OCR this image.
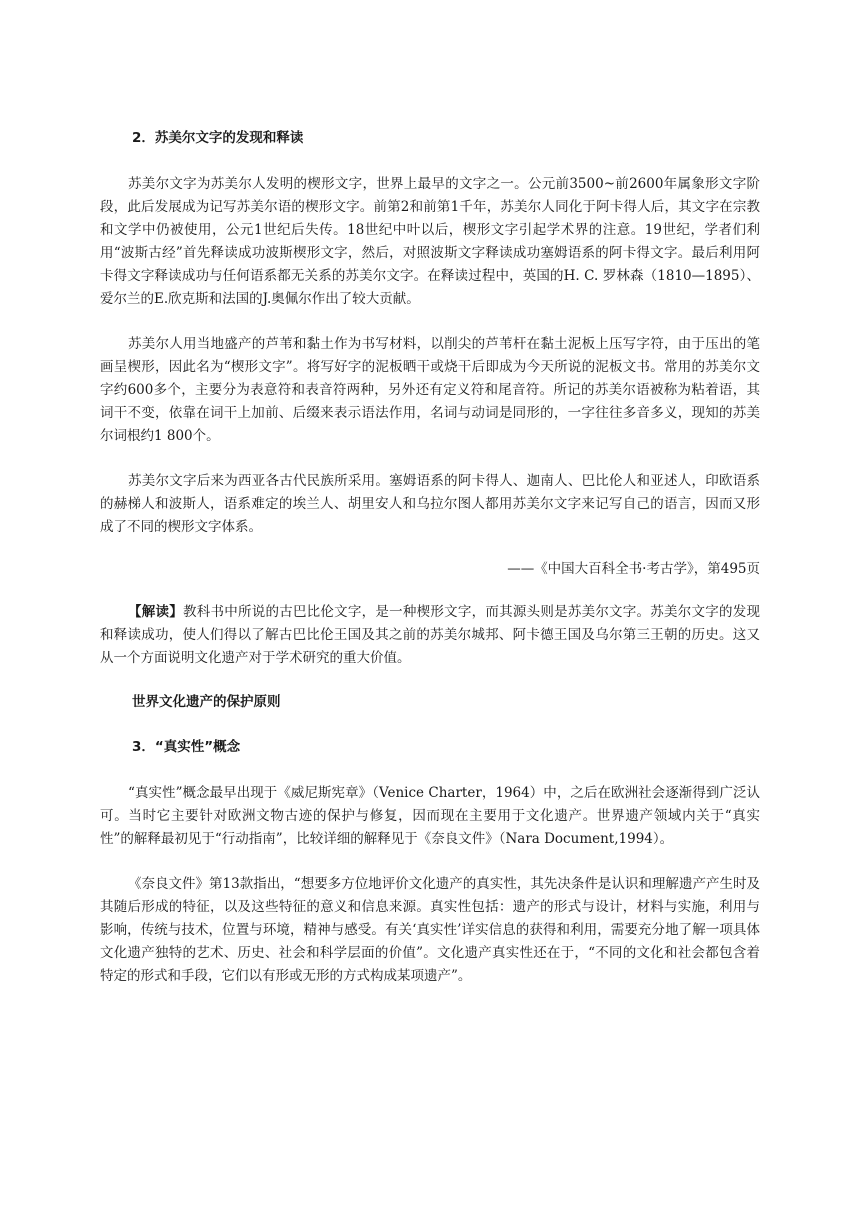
2．苏美尔文字的发现和释读

苏美尔文字为苏美尔人发明的楔形文字，世界上最早的文字之一。公元前3500~前2600年属象形文字阶段，此后发展成为记写苏美尔语的楔形文字。前第2和前第1千年，苏美尔人同化于阿卡得人后，其文字在宗教和文学中仍被使用，公元1世纪后失传。18世纪中叶以后，楔形文字引起学术界的注意。19世纪，学者们利用“波斯古经”首先释读成功波斯楔形文字，然后，对照波斯文字释读成功塞姆语系的阿卡得文字。最后利用阿卡得文字释读成功与任何语系都无关系的苏美尔文字。在释读过程中，英国的H. C. 罗林森（1810—1895）、爱尔兰的E.欣克斯和法国的J.奥佩尔作出了较大贡献。

苏美尔人用当地盛产的芦苇和黏土作为书写材料，以削尖的芦苇杆在黏土泥板上压写字符，由于压出的笔画呈楔形，因此名为“楔形文字”。将写好字的泥板晒干或烧干后即成为今天所说的泥板文书。常用的苏美尔文字约600多个，主要分为表意符和表音符两种，另外还有定义符和尾音符。所记的苏美尔语被称为粘着语，其词干不变，依靠在词干上加前、后缀来表示语法作用，名词与动词是同形的，一字往往多音多义，现知的苏美尔词根约1 800个。

苏美尔文字后来为西亚各古代民族所采用。塞姆语系的阿卡得人、迦南人、巴比伦人和亚述人，印欧语系的赫梯人和波斯人，语系难定的埃兰人、胡里安人和乌拉尔图人都用苏美尔文字来记写自己的语言，因而又形成了不同的楔形文字体系。

——《中国大百科全书·考古学》，第495页

【解读】教科书中所说的古巴比伦文字，是一种楔形文字，而其源头则是苏美尔文字。苏美尔文字的发现和释读成功，使人们得以了解古巴比伦王国及其之前的苏美尔城邦、阿卡德王国及乌尔第三王朝的历史。这又从一个方面说明文化遗产对于学术研究的重大价值。

世界文化遗产的保护原则
3．“真实性”概念

“真实性”概念最早出现于《威尼斯宪章》（Venice Charter，1964）中，之后在欧洲社会逐渐得到广泛认可。当时它主要针对欧洲文物古迹的保护与修复，因而现在主要用于文化遗产。世界遗产领域内关于“真实性”的解释最初见于“行动指南”，比较详细的解释见于《奈良文件》（Nara Document,1994）。

《奈良文件》第13款指出，“想要多方位地评价文化遗产的真实性，其先决条件是认识和理解遗产产生时及其随后形成的特征，以及这些特征的意义和信息来源。真实性包括：遗产的形式与设计，材料与实施，利用与影响，传统与技术，位置与环境，精神与感受。有关‘真实性’详实信息的获得和利用，需要充分地了解一项具体文化遗产独特的艺术、历史、社会和科学层面的价值”。文化遗产真实性还在于，“不同的文化和社会都包含着特定的形式和手段，它们以有形或无形的方式构成某项遗产”。
